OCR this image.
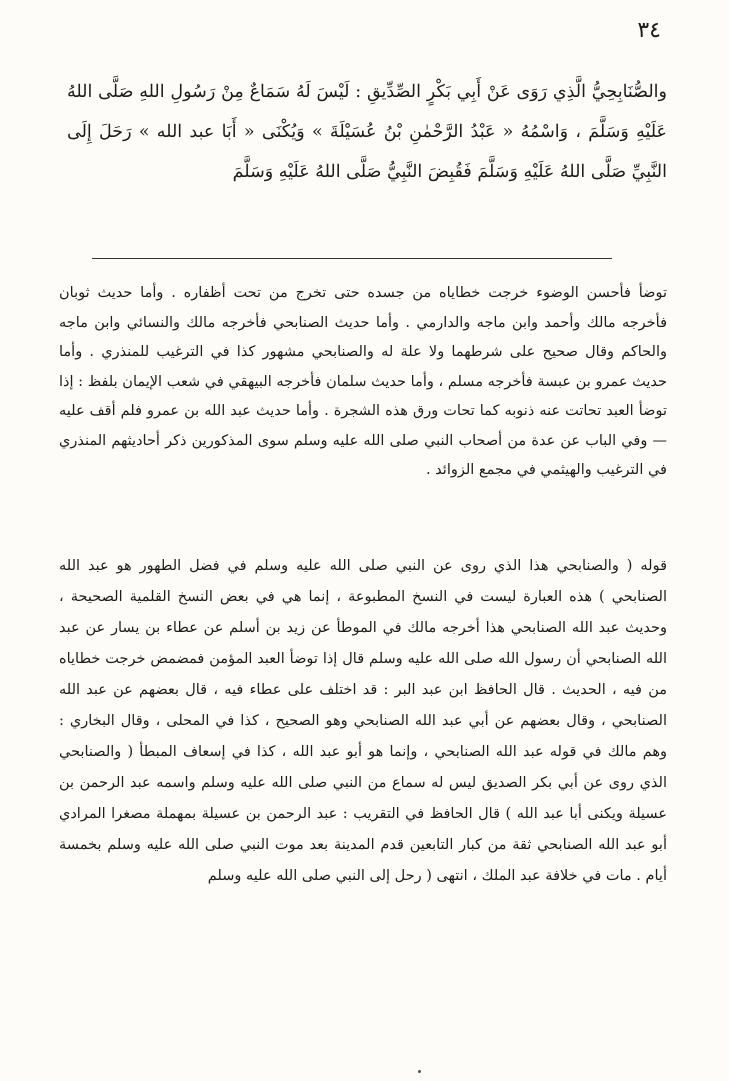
٣٤
والصُّنَابِحِيُّ الَّذِي رَوَى عَنْ أَبِي بَكْرٍ الصِّدِّيقِ : لَيْسَ لَهُ سَمَاعٌ مِنْ رَسُولِ اللهِ صَلَّى اللهُ عَلَيْهِ وَسَلَّمَ ، وَاسْمُهُ « عَبْدُ الرَّحْمٰنِ بْنُ عُسَيْلَةَ » وَيُكْنَى « أَبَا عبد الله » رَحَلَ إِلَى النَّبِيِّ صَلَّى اللهُ عَلَيْهِ وَسَلَّمَ فَقُبِضَ النَّبِيُّ صَلَّى اللهُ عَلَيْهِ وَسَلَّمَ
توضأ فأحسن الوضوء خرجت خطاياه من جسده حتى تخرج من تحت أظفاره . وأما حديث ثوبان فأخرجه مالك وأحمد وابن ماجه والدارمي . وأما حديث الصنابحي فأخرجه مالك والنسائي وابن ماجه والحاكم وقال صحيح على شرطهما ولا علة له والصنابحي مشهور كذا في الترغيب للمنذري . وأما حديث عمرو بن عبسة فأخرجه مسلم ، وأما حديث سلمان فأخرجه البيهقي في شعب الإيمان بلفظ : إذا توضأ العبد تحاتت عنه ذنوبه كما تحات ورق هذه الشجرة . وأما حديث عبد الله بن عمرو فلم أقف عليه — وفي الباب عن عدة من أصحاب النبي صلى الله عليه وسلم سوى المذكورين ذكر أحاديثهم المنذري في الترغيب والهيثمي في مجمع الزوائد .
قوله ( والصنابحي هذا الذي روى عن النبي صلى الله عليه وسلم في فضل الطهور هو عبد الله الصنابحي ) هذه العبارة ليست في النسخ المطبوعة ، إنما هي في بعض النسخ القلمية الصحيحة ، وحديث عبد الله الصنابحي هذا أخرجه مالك في الموطأ عن زيد بن أسلم عن عطاء بن يسار عن عبد الله الصنابحي أن رسول الله صلى الله عليه وسلم قال إذا توضأ العبد المؤمن فمضمض خرجت خطاياه من فيه ، الحديث . قال الحافظ ابن عبد البر : قد اختلف على عطاء فيه ، قال بعضهم عن عبد الله الصنابحي ، وقال بعضهم عن أبي عبد الله الصنابحي وهو الصحيح ، كذا في المحلى ، وقال البخاري : وهم مالك في قوله عبد الله الصنابحي ، وإنما هو أبو عبد الله ، كذا في إسعاف المبطأ ( والصنابحي الذي روى عن أبي بكر الصديق ليس له سماع من النبي صلى الله عليه وسلم واسمه عبد الرحمن بن عسيلة ويكنى أبا عبد الله ) قال الحافظ في التقريب : عبد الرحمن بن عسيلة بمهملة مصغرا المرادي أبو عبد الله الصنابحي ثقة من كبار التابعين قدم المدينة بعد موت النبي صلى الله عليه وسلم بخمسة أيام . مات في خلافة عبد الملك ، انتهى ( رحل إلى النبي صلى الله عليه وسلم
